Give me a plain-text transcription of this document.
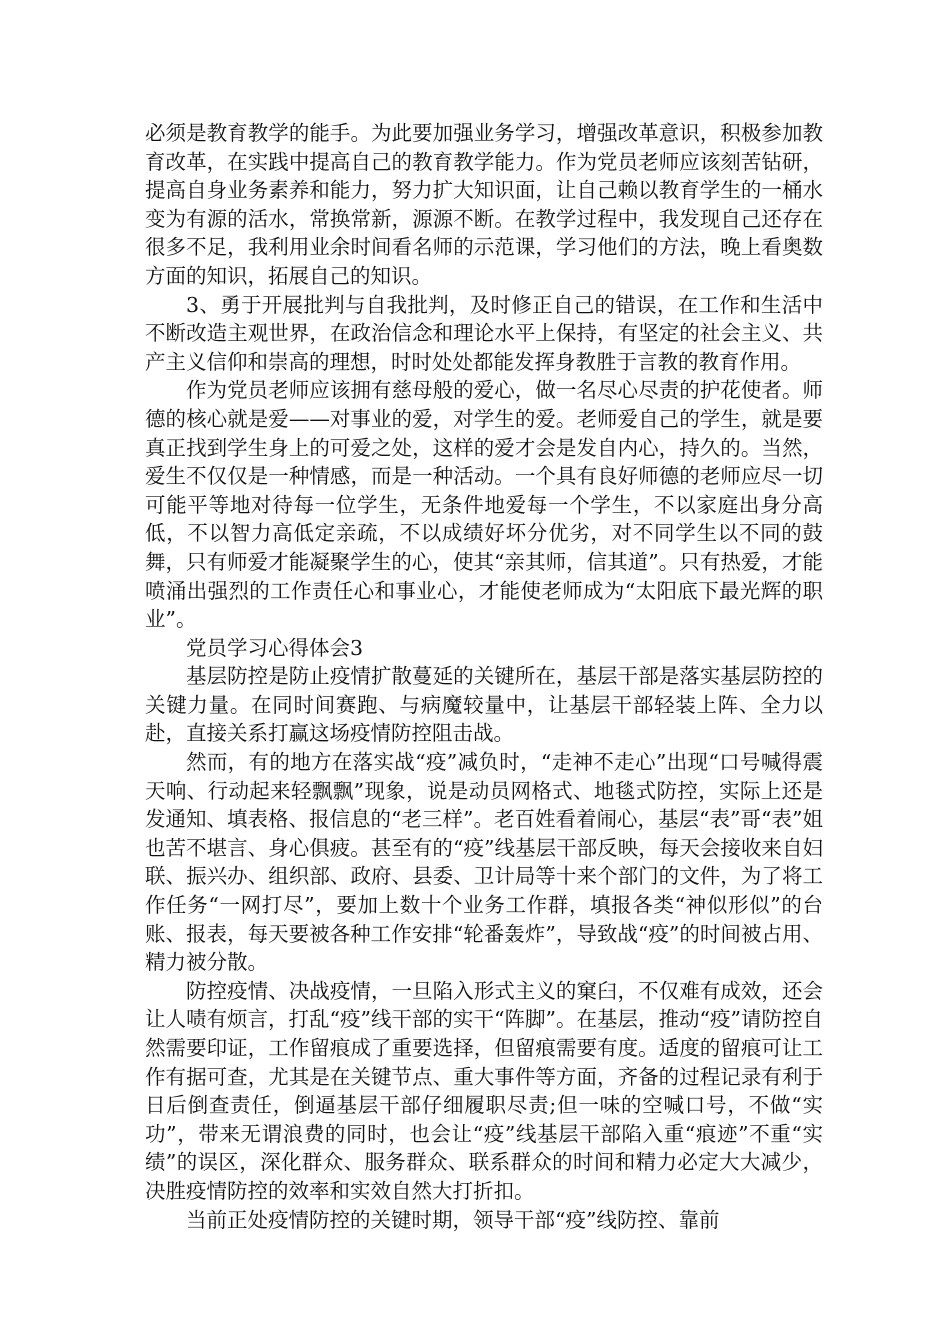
必须是教育教学的能手。为此要加强业务学习，增强改革意识，积极参加教育改革，在实践中提高自己的教育教学能力。作为党员老师应该刻苦钻研，提高自身业务素养和能力，努力扩大知识面，让自己赖以教育学生的一桶水变为有源的活水，常换常新，源源不断。在教学过程中，我发现自己还存在很多不足，我利用业余时间看名师的示范课，学习他们的方法，晚上看奥数方面的知识，拓展自己的知识。

3、勇于开展批判与自我批判，及时修正自己的错误，在工作和生活中不断改造主观世界，在政治信念和理论水平上保持，有坚定的社会主义、共产主义信仰和崇高的理想，时时处处都能发挥身教胜于言教的教育作用。

作为党员老师应该拥有慈母般的爱心，做一名尽心尽责的护花使者。师德的核心就是爱——对事业的爱，对学生的爱。老师爱自己的学生，就是要真正找到学生身上的可爱之处，这样的爱才会是发自内心，持久的。当然，爱生不仅仅是一种情感，而是一种活动。一个具有良好师德的老师应尽一切可能平等地对待每一位学生，无条件地爱每一个学生，不以家庭出身分高低，不以智力高低定亲疏，不以成绩好坏分优劣，对不同学生以不同的鼓舞，只有师爱才能凝聚学生的心，使其“亲其师，信其道”。只有热爱，才能喷涌出强烈的工作责任心和事业心，才能使老师成为“太阳底下最光辉的职业”。

党员学习心得体会3

基层防控是防止疫情扩散蔓延的关键所在，基层干部是落实基层防控的关键力量。在同时间赛跑、与病魔较量中，让基层干部轻装上阵、全力以赴，直接关系打赢这场疫情防控阻击战。

然而，有的地方在落实战“疫”减负时，“走神不走心”出现“口号喊得震天响、行动起来轻飘飘”现象，说是动员网格式、地毯式防控，实际上还是发通知、填表格、报信息的“老三样”。老百姓看着闹心，基层“表”哥“表”姐也苦不堪言、身心俱疲。甚至有的“疫”线基层干部反映，每天会接收来自妇联、振兴办、组织部、政府、县委、卫计局等十来个部门的文件，为了将工作任务“一网打尽”，要加上数十个业务工作群，填报各类“神似形似”的台账、报表，每天要被各种工作安排“轮番轰炸”，导致战“疫”的时间被占用、精力被分散。

防控疫情、决战疫情，一旦陷入形式主义的窠臼，不仅难有成效，还会让人啧有烦言，打乱“疫”线干部的实干“阵脚”。在基层，推动“疫”请防控自然需要印证，工作留痕成了重要选择，但留痕需要有度。适度的留痕可让工作有据可查，尤其是在关键节点、重大事件等方面，齐备的过程记录有利于日后倒查责任，倒逼基层干部仔细履职尽责;但一味的空喊口号，不做“实功”，带来无谓浪费的同时，也会让“疫”线基层干部陷入重“痕迹”不重“实绩”的误区，深化群众、服务群众、联系群众的时间和精力必定大大减少，决胜疫情防控的效率和实效自然大打折扣。

当前正处疫情防控的关键时期，领导干部“疫”线防控、靠前
